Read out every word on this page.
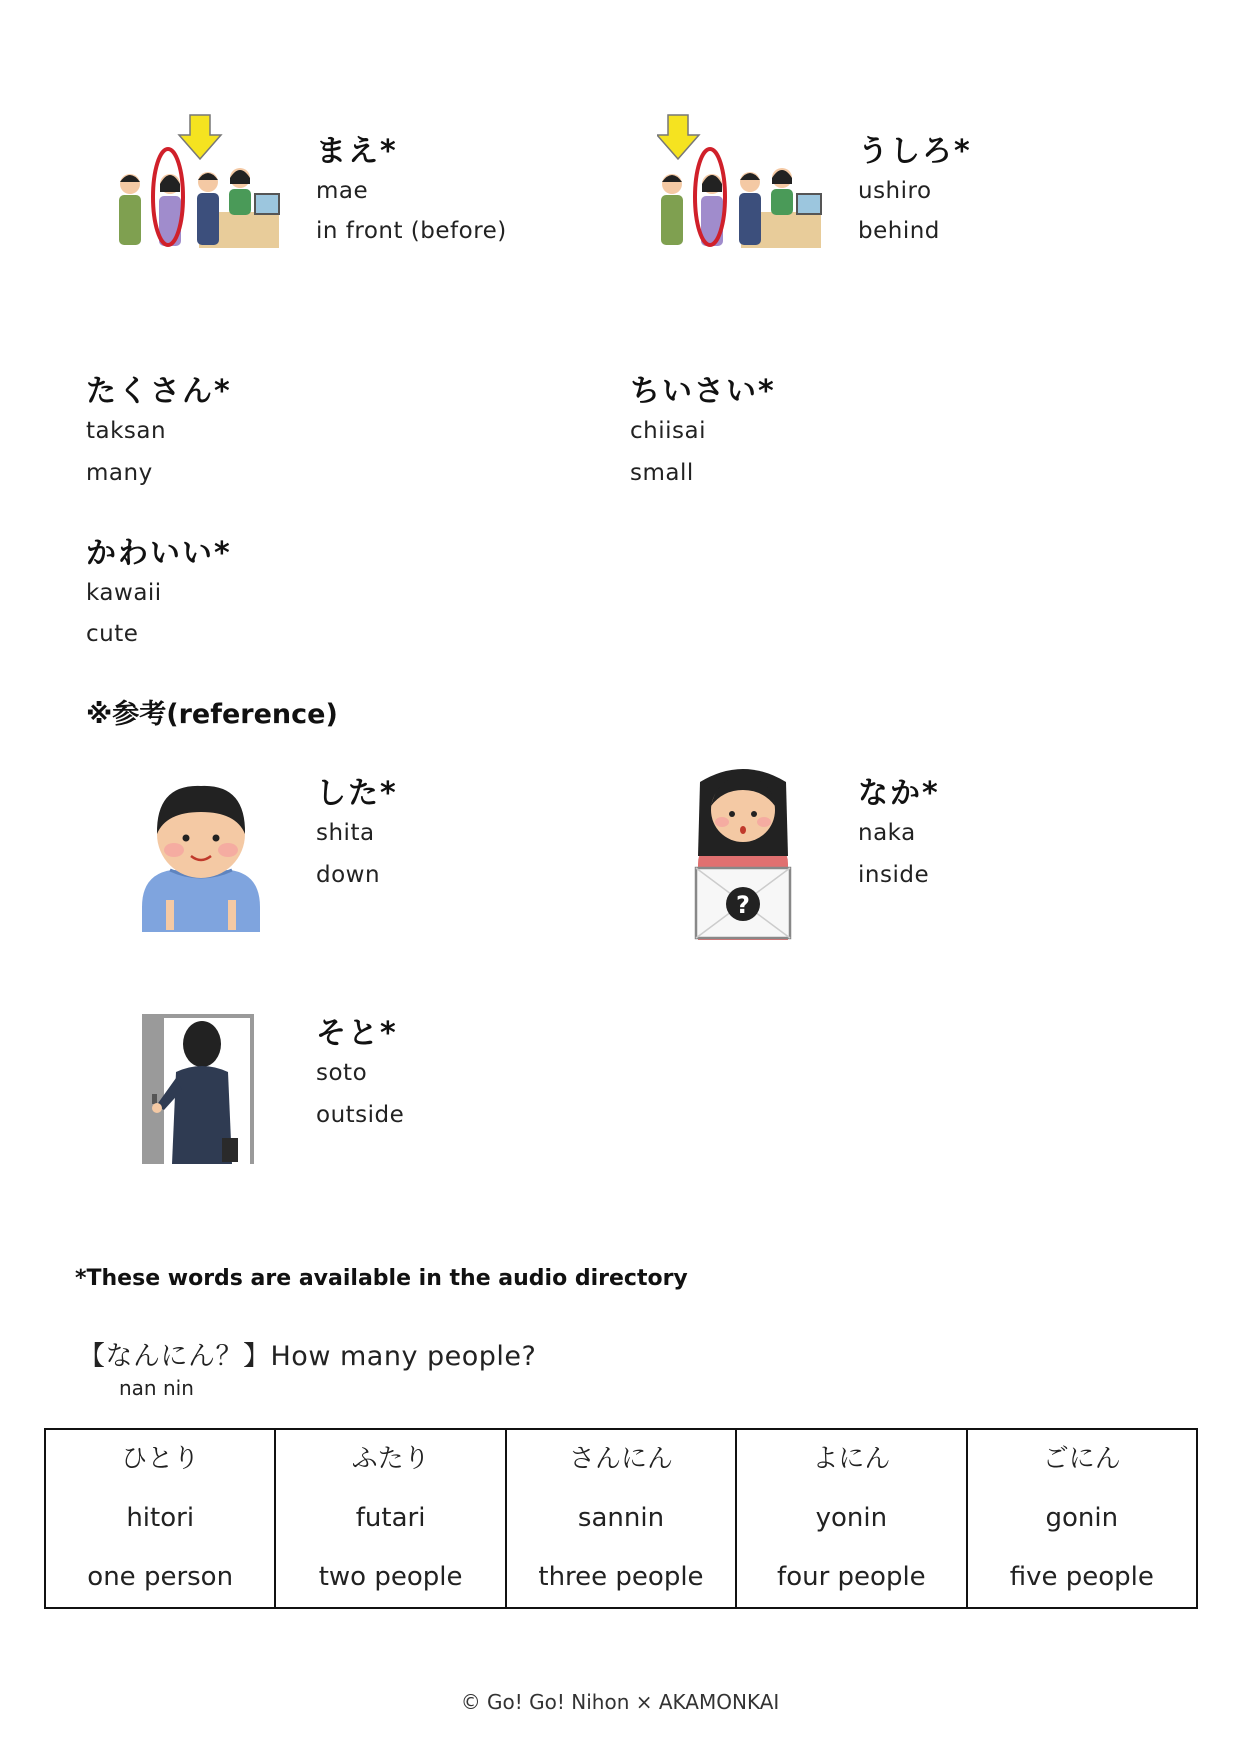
まえ*
mae
in front (before)
うしろ*
ushiro
behind
たくさん*
taksan
many
ちいさい*
chiisai
small
かわいい*
kawaii
cute
※参考(reference)
した*
shita
down
?
なか*
naka
inside
そと*
soto
outside
*These words are available in the audio directory
【なんにん？】How many people?
nan nin
ひとり
hitori
one person

ふたり
futari
two people

さんにん
sannin
three people

よにん
yonin
four people

ごにん
gonin
five people
© Go! Go! Nihon × AKAMONKAI
